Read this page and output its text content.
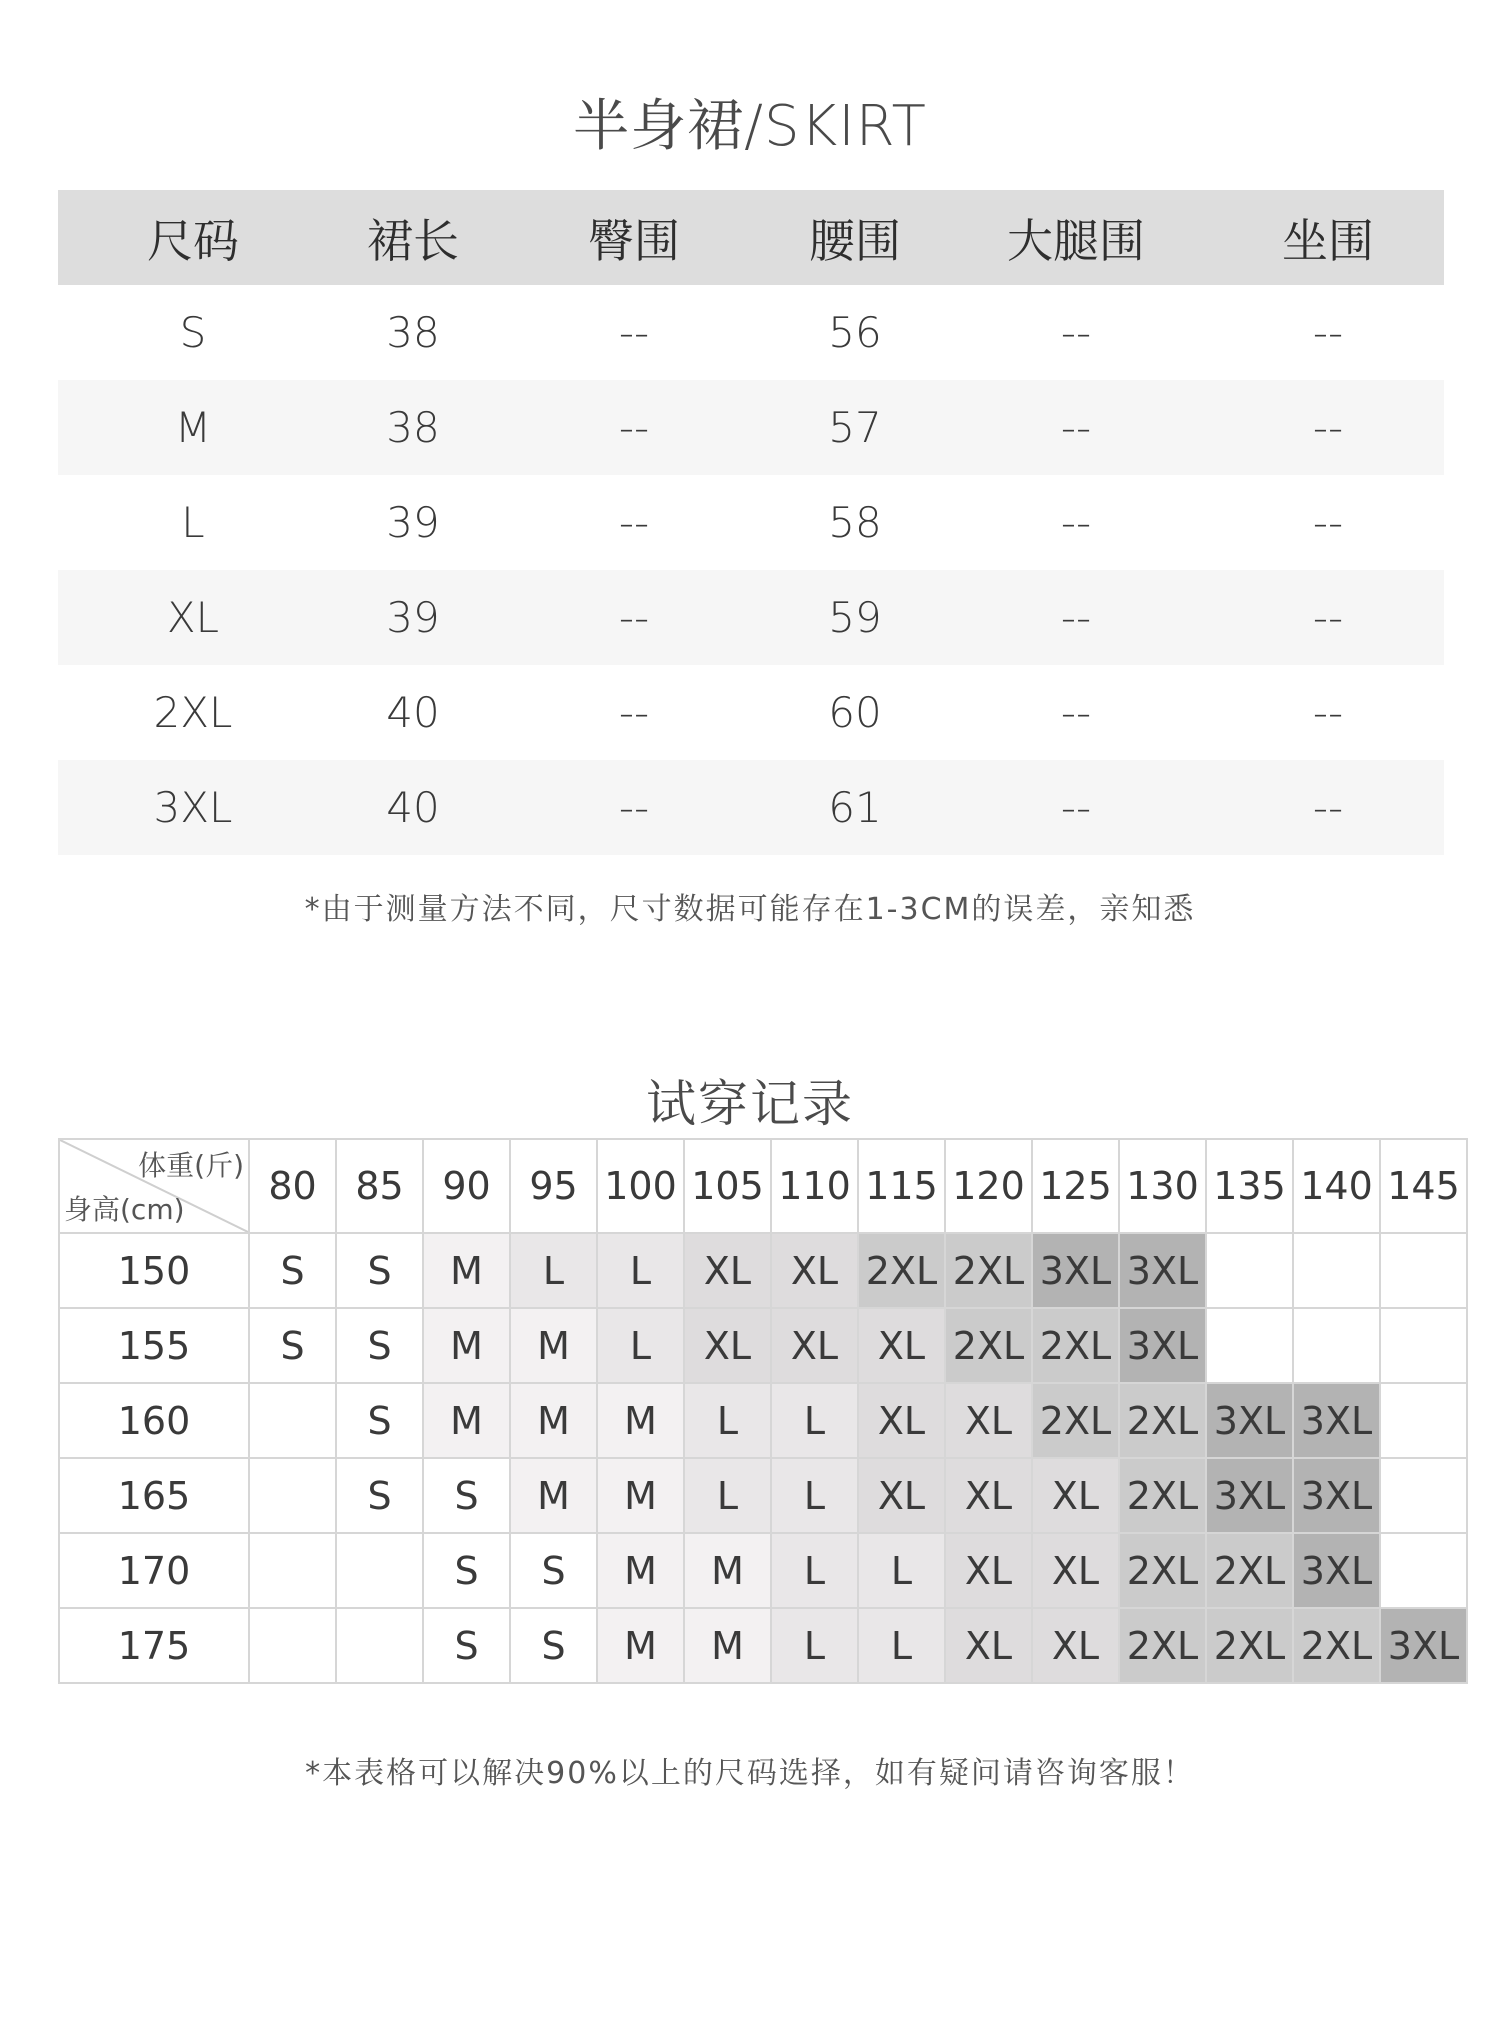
半身裙/SKIRT
尺码	裙长	臀围	腰围	大腿围	坐围
S	38	--	56	--	--
M	38	--	57	--	--
L	39	--	58	--	--
XL	39	--	59	--	--
2XL	40	--	60	--	--
3XL	40	--	61	--	--
*由于测量方法不同，尺寸数据可能存在1-3CM的误差，亲知悉
试穿记录
体重(斤)
身高(cm)	80	85	90	95	100	105	110	115	120	125	130	135	140	145
150	S	S	M	L	L	XL	XL	2XL	2XL	3XL	3XL			
155	S	S	M	M	L	XL	XL	XL	2XL	2XL	3XL			
160		S	M	M	M	L	L	XL	XL	2XL	2XL	3XL	3XL	
165		S	S	M	M	L	L	XL	XL	XL	2XL	3XL	3XL	
170			S	S	M	M	L	L	XL	XL	2XL	2XL	3XL	
175			S	S	M	M	L	L	XL	XL	2XL	2XL	2XL	3XL
*本表格可以解决90%以上的尺码选择，如有疑问请咨询客服！
